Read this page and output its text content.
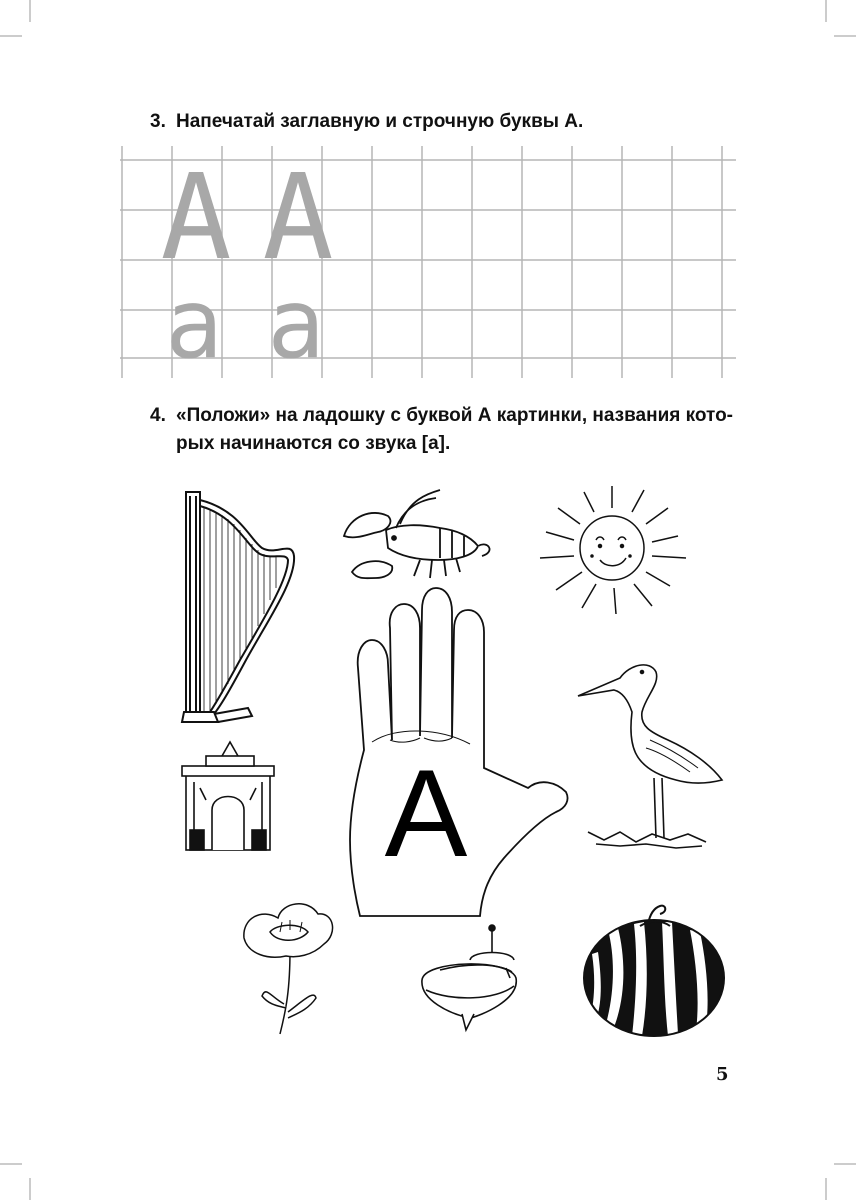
3. Напечатай заглавную и строчную буквы А.
А А
а а
4. «Положи» на ладошку с буквой А картинки, названия кото-
рых начинаются со звука [а].
А
5
